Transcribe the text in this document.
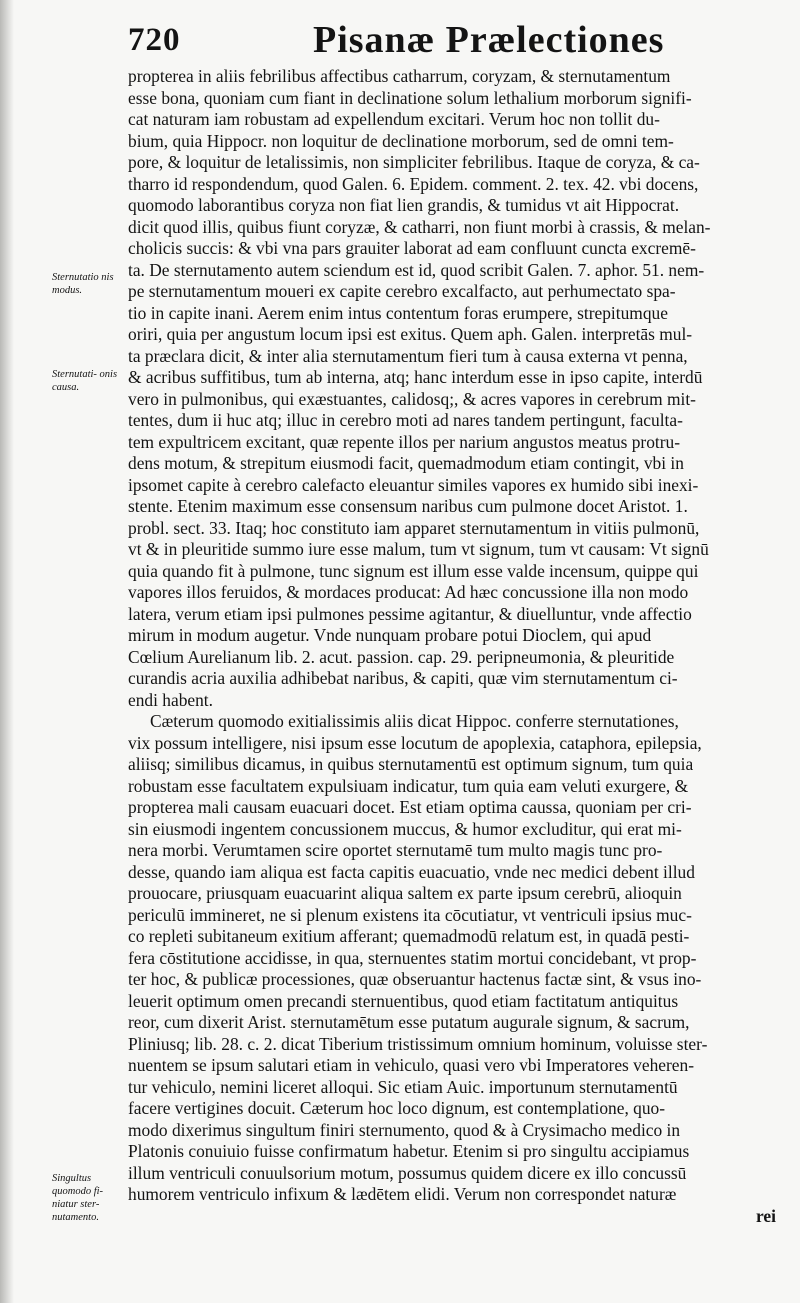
720	Pisanæ Prælectiones
Sternutatio nis modus.
Sternutati- onis causa.
Singultus quomodo fi- niatur ster- nutamento.
propterea in aliis febrilibus affectibus catharrum, coryzam, & sternutamentum
esse bona, quoniam cum fiant in declinatione solum lethalium morborum signifi-
cat naturam iam robustam ad expellendum excitari. Verum hoc non tollit du-
bium, quia Hippocr. non loquitur de declinatione morborum, sed de omni tem-
pore, & loquitur de letalissimis, non simpliciter febrilibus. Itaque de coryza, & ca-
tharro id respondendum, quod Galen. 6. Epidem. comment. 2. tex. 42. vbi docens,
quomodo laborantibus coryza non fiat lien grandis, & tumidus vt ait Hippocrat.
dicit quod illis, quibus fiunt coryzæ, & catharri, non fiunt morbi à crassis, & melan-
cholicis succis: & vbi vna pars grauiter laborat ad eam confluunt cuncta excremē-
ta. De sternutamento autem sciendum est id, quod scribit Galen. 7. aphor. 51. nem-
pe sternutamentum moueri ex capite cerebro excalfacto, aut perhumectato spa-
tio in capite inani. Aerem enim intus contentum foras erumpere, strepitumque
oriri, quia per angustum locum ipsi est exitus. Quem aph. Galen. interpretās mul-
ta præclara dicit, & inter alia sternutamentum fieri tum à causa externa vt penna,
& acribus suffitibus, tum ab interna, atq; hanc interdum esse in ipso capite, interdū
vero in pulmonibus, qui exæstuantes, calidosq;, & acres vapores in cerebrum mit-
tentes, dum ii huc atq; illuc in cerebro moti ad nares tandem pertingunt, faculta-
tem expultricem excitant, quæ repente illos per narium angustos meatus protru-
dens motum, & strepitum eiusmodi facit, quemadmodum etiam contingit, vbi in
ipsomet capite à cerebro calefacto eleuantur similes vapores ex humido sibi inexi-
stente. Etenim maximum esse consensum naribus cum pulmone docet Aristot. 1.
probl. sect. 33. Itaq; hoc constituto iam apparet sternutamentum in vitiis pulmonū,
vt & in pleuritide summo iure esse malum, tum vt signum, tum vt causam: Vt signū
quia quando fit à pulmone, tunc signum est illum esse valde incensum, quippe qui
vapores illos feruidos, & mordaces producat: Ad hæc concussione illa non modo
latera, verum etiam ipsi pulmones pessime agitantur, & diuelluntur, vnde affectio
mirum in modum augetur. Vnde nunquam probare potui Dioclem, qui apud
Cœlium Aurelianum lib. 2. acut. passion. cap. 29. peripneumonia, & pleuritide
curandis acria auxilia adhibebat naribus, & capiti, quæ vim sternutamentum ci-
endi habent.
Cæterum quomodo exitialissimis aliis dicat Hippoc. conferre sternutationes,
vix possum intelligere, nisi ipsum esse locutum de apoplexia, cataphora, epilepsia,
aliisq; similibus dicamus, in quibus sternutamentū est optimum signum, tum quia
robustam esse facultatem expulsiuam indicatur, tum quia eam veluti exurgere, &
propterea mali causam euacuari docet. Est etiam optima caussa, quoniam per cri-
sin eiusmodi ingentem concussionem muccus, & humor excluditur, qui erat mi-
nera morbi. Verumtamen scire oportet sternutamē tum multo magis tunc pro-
desse, quando iam aliqua est facta capitis euacuatio, vnde nec medici debent illud
prouocare, priusquam euacuarint aliqua saltem ex parte ipsum cerebrū, alioquin
periculū immineret, ne si plenum existens ita cōcutiatur, vt ventriculi ipsius muc-
co repleti subitaneum exitium afferant; quemadmodū relatum est, in quadā pesti-
fera cōstitutione accidisse, in qua, sternuentes statim mortui concidebant, vt prop-
ter hoc, & publicæ processiones, quæ obseruantur hactenus factæ sint, & vsus ino-
leuerit optimum omen precandi sternuentibus, quod etiam factitatum antiquitus
reor, cum dixerit Arist. sternutamētum esse putatum augurale signum, & sacrum,
Pliniusq; lib. 28. c. 2. dicat Tiberium tristissimum omnium hominum, voluisse ster-
nuentem se ipsum salutari etiam in vehiculo, quasi vero vbi Imperatores veheren-
tur vehiculo, nemini liceret alloqui. Sic etiam Auic. importunum sternutamentū
facere vertigines docuit. Cæterum hoc loco dignum, est contemplatione, quo-
modo dixerimus singultum finiri sternumento, quod & à Crysimacho medico in
Platonis conuiuio fuisse confirmatum habetur. Etenim si pro singultu accipiamus
illum ventriculi conuulsorium motum, possumus quidem dicere ex illo concussū
humorem ventriculo infixum & lædētem elidi. Verum non correspondet naturæ
rei
